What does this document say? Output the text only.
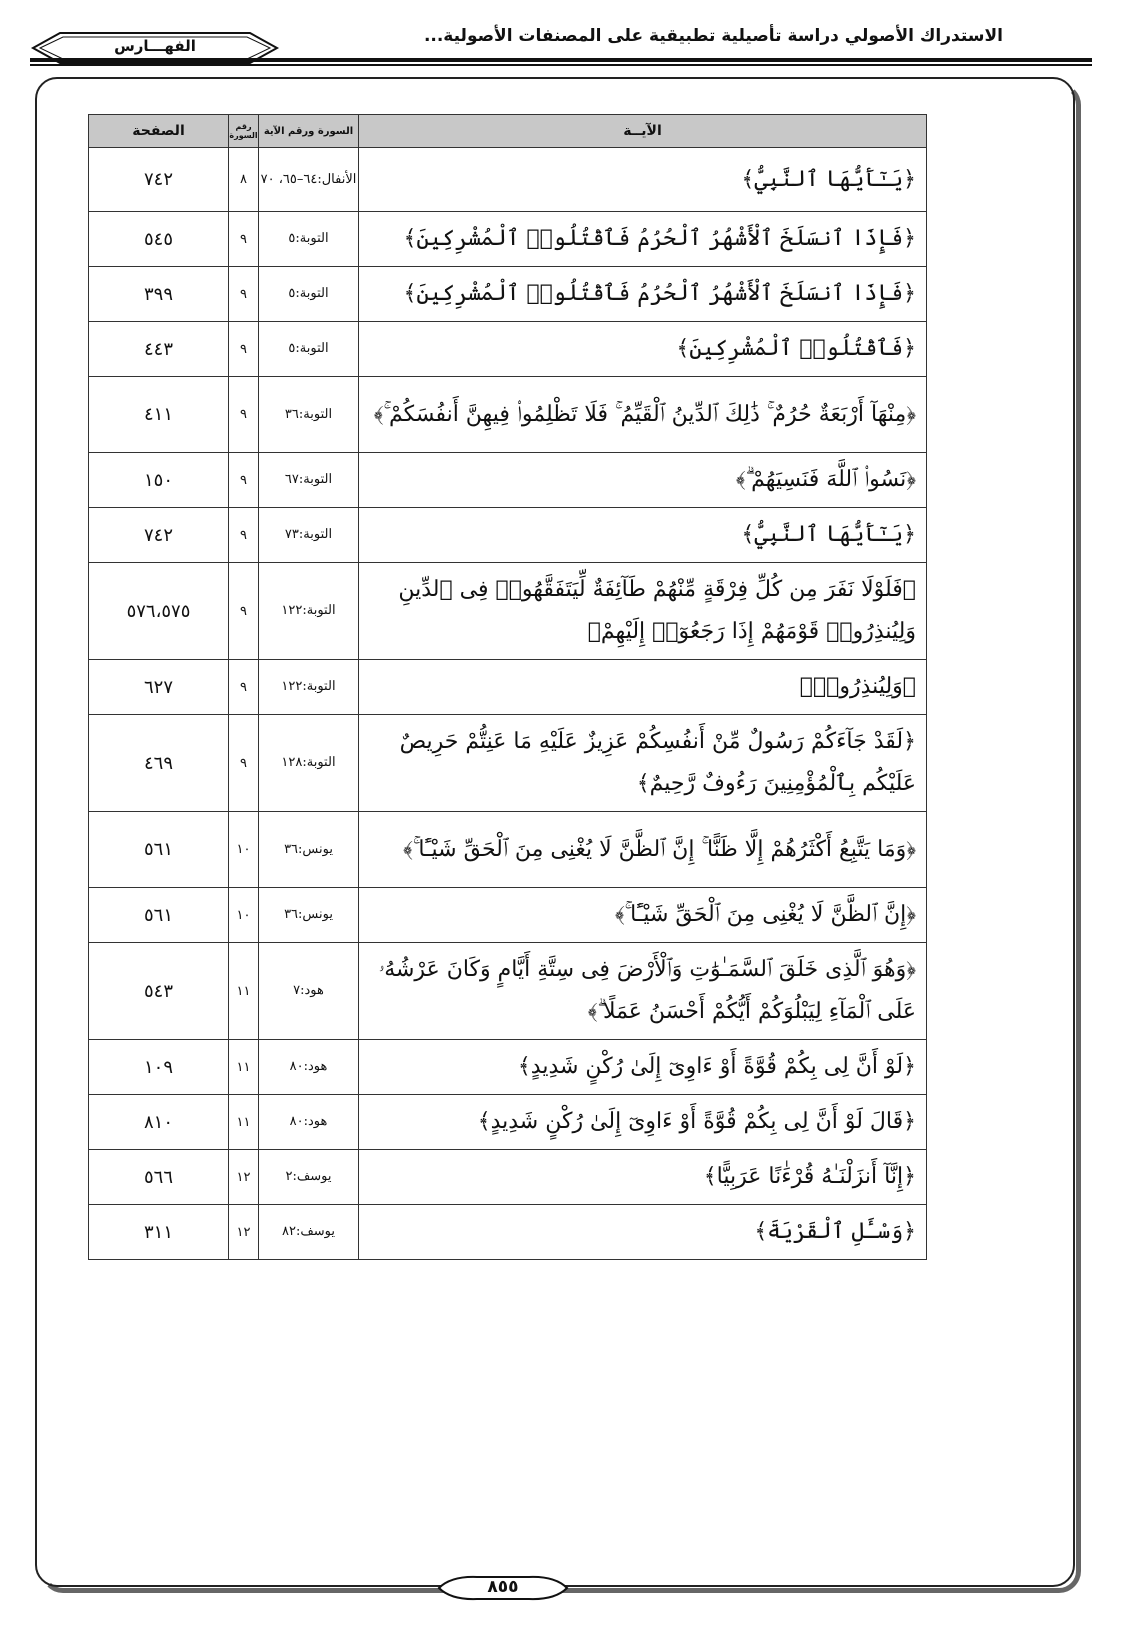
الاستدراك الأصولي دراسة تأصيلية تطبيقية على المصنفات الأصولية...
الفهـــارس
الآيــة	السورة ورقم الآية	رقم السورة	الصفحة
﴿يَـٰٓأَيُّهَا ٱلنَّبِيُّ﴾	الأنفال:٦٤–٦٥، ٧٠	٨	٧٤٢
﴿فَإِذَا ٱنسَلَخَ ٱلْأَشْهُرُ ٱلْحُرُمُ فَٱقْتُلُوا۟ ٱلْمُشْرِكِينَ﴾	التوبة:٥	٩	٥٤٥
﴿فَإِذَا ٱنسَلَخَ ٱلْأَشْهُرُ ٱلْحُرُمُ فَٱقْتُلُوا۟ ٱلْمُشْرِكِينَ﴾	التوبة:٥	٩	٣٩٩
﴿فَٱقْتُلُوا۟ ٱلْمُشْرِكِينَ﴾	التوبة:٥	٩	٤٤٣
﴿مِنْهَآ أَرْبَعَةٌ حُرُمٌ ۚ ذَٰلِكَ ٱلدِّينُ ٱلْقَيِّمُ ۚ فَلَا تَظْلِمُوا۟ فِيهِنَّ أَنفُسَكُمْ ۚ﴾	التوبة:٣٦	٩	٤١١
﴿نَسُوا۟ ٱللَّهَ فَنَسِيَهُمْ ۗ﴾	التوبة:٦٧	٩	١٥٠
﴿يَـٰٓأَيُّهَا ٱلنَّبِيُّ﴾	التوبة:٧٣	٩	٧٤٢
﴿فَلَوْلَا نَفَرَ مِن كُلِّ فِرْقَةٍ مِّنْهُمْ طَآئِفَةٌ لِّيَتَفَقَّهُوا۟ فِى ٱلدِّينِ وَلِيُنذِرُوا۟ قَوْمَهُمْ إِذَا رَجَعُوٓا۟ إِلَيْهِمْ﴾	التوبة:١٢٢	٩	٥٧٦،٥٧٥
﴿وَلِيُنذِرُوا۟﴾	التوبة:١٢٢	٩	٦٢٧
﴿لَقَدْ جَآءَكُمْ رَسُولٌ مِّنْ أَنفُسِكُمْ عَزِيزٌ عَلَيْهِ مَا عَنِتُّمْ حَرِيصٌ عَلَيْكُم بِٱلْمُؤْمِنِينَ رَءُوفٌ رَّحِيمٌ﴾	التوبة:١٢٨	٩	٤٦٩
﴿وَمَا يَتَّبِعُ أَكْثَرُهُمْ إِلَّا ظَنًّا ۚ إِنَّ ٱلظَّنَّ لَا يُغْنِى مِنَ ٱلْحَقِّ شَيْـًٔا ۚ﴾	يونس:٣٦	١٠	٥٦١
﴿إِنَّ ٱلظَّنَّ لَا يُغْنِى مِنَ ٱلْحَقِّ شَيْـًٔا ۚ﴾	يونس:٣٦	١٠	٥٦١
﴿وَهُوَ ٱلَّذِى خَلَقَ ٱلسَّمَـٰوَٰتِ وَٱلْأَرْضَ فِى سِتَّةِ أَيَّامٍ وَكَانَ عَرْشُهُۥ عَلَى ٱلْمَآءِ لِيَبْلُوَكُمْ أَيُّكُمْ أَحْسَنُ عَمَلًا ۗ﴾	هود:٧	١١	٥٤٣
﴿لَوْ أَنَّ لِى بِكُمْ قُوَّةً أَوْ ءَاوِىٓ إِلَىٰ رُكْنٍ شَدِيدٍ﴾	هود:٨٠	١١	١٠٩
﴿قَالَ لَوْ أَنَّ لِى بِكُمْ قُوَّةً أَوْ ءَاوِىٓ إِلَىٰ رُكْنٍ شَدِيدٍ﴾	هود:٨٠	١١	٨١٠
﴿إِنَّآ أَنزَلْنَـٰهُ قُرْءَٰنًا عَرَبِيًّا﴾	يوسف:٢	١٢	٥٦٦
﴿وَسْـَٔلِ ٱلْقَرْيَةَ﴾	يوسف:٨٢	١٢	٣١١
٨٥٥
